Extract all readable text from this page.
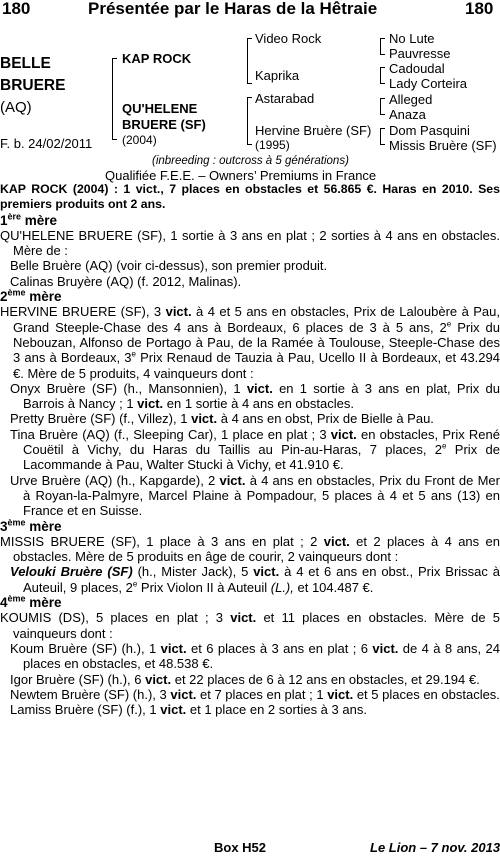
180	Présentée par le Haras de la Hêtraie	180
BELLE
BRUERE
(AQ)
F. b. 24/02/2011
KAP ROCK
QU'HELENE
BRUERE (SF)
(2004)
Video Rock
Kaprika
Astarabad
Hervine Bruère (SF)
(1995)
No Lute
Pauvresse
Cadoudal
Lady Corteira
Alleged
Anaza
Dom Pasquini
Missis Bruère (SF)
(inbreeding : outcross à 5 générations)
Qualifiée F.E.E. – Owners’ Premiums in France

KAP ROCK (2004) : 1 vict., 7 places en obstacles et 56.865 €. Haras en 2010. Ses premiers produits ont 2 ans.

1ère mère

QU'HELENE BRUERE (SF), 1 sortie à 3 ans en plat ; 2 sorties à 4 ans en obstacles. Mère de :

Belle Bruère (AQ) (voir ci-dessus), son premier produit.

Calinas Bruyère (AQ) (f. 2012, Malinas).

2ème mère

HERVINE BRUERE (SF), 3 vict. à 4 et 5 ans en obstacles, Prix de Laloubère à Pau, Grand Steeple-Chase des 4 ans à Bordeaux, 6 places de 3 à 5 ans, 2e Prix du Nebouzan, Alfonso de Portago à Pau, de la Ramée à Toulouse, Steeple-Chase des 3 ans à Bordeaux, 3e Prix Renaud de Tauzia à Pau, Ucello II à Bordeaux, et 43.294 €. Mère de 5 produits, 4 vainqueurs dont :

Onyx Bruère (SF) (h., Mansonnien), 1 vict. en 1 sortie à 3 ans en plat, Prix du Barrois à Nancy ; 1 vict. en 1 sortie à 4 ans en obstacles.

Pretty Bruère (SF) (f., Villez), 1 vict. à 4 ans en obst, Prix de Bielle à Pau.

Tina Bruère (AQ) (f., Sleeping Car), 1 place en plat ; 3 vict. en obstacles, Prix René Couëtil à Vichy, du Haras du Taillis au Pin-au-Haras, 7 places, 2e Prix de Lacommande à Pau, Walter Stucki à Vichy, et 41.910 €.

Urve Bruère (AQ) (h., Kapgarde), 2 vict. à 4 ans en obstacles, Prix du Front de Mer à Royan-la-Palmyre, Marcel Plaine à Pompadour, 5 places à 4 et 5 ans (13) en France et en Suisse.

3ème mère

MISSIS BRUERE (SF), 1 place à 3 ans en plat ; 2 vict. et 2 places à 4 ans en obstacles. Mère de 5 produits en âge de courir, 2 vainqueurs dont :

Velouki Bruère (SF) (h., Mister Jack), 5 vict. à 4 et 6 ans en obst., Prix Brissac à Auteuil, 9 places, 2e Prix Violon II à Auteuil (L.), et 104.487 €.

4ème mère

KOUMIS (DS), 5 places en plat ; 3 vict. et 11 places en obstacles. Mère de 5 vainqueurs dont :

Koum Bruère (SF) (h.), 1 vict. et 6 places à 3 ans en plat ; 6 vict. de 4 à 8 ans, 24 places en obstacles, et 48.538 €.

Igor Bruère (SF) (h.), 6 vict. et 22 places de 6 à 12 ans en obstacles, et 29.194 €.

Newtem Bruère (SF) (h.), 3 vict. et 7 places en plat ; 1 vict. et 5 places en obstacles.

Lamiss Bruère (SF) (f.), 1 vict. et 1 place en 2 sorties à 3 ans.

Box H52	Le Lion – 7 nov. 2013
